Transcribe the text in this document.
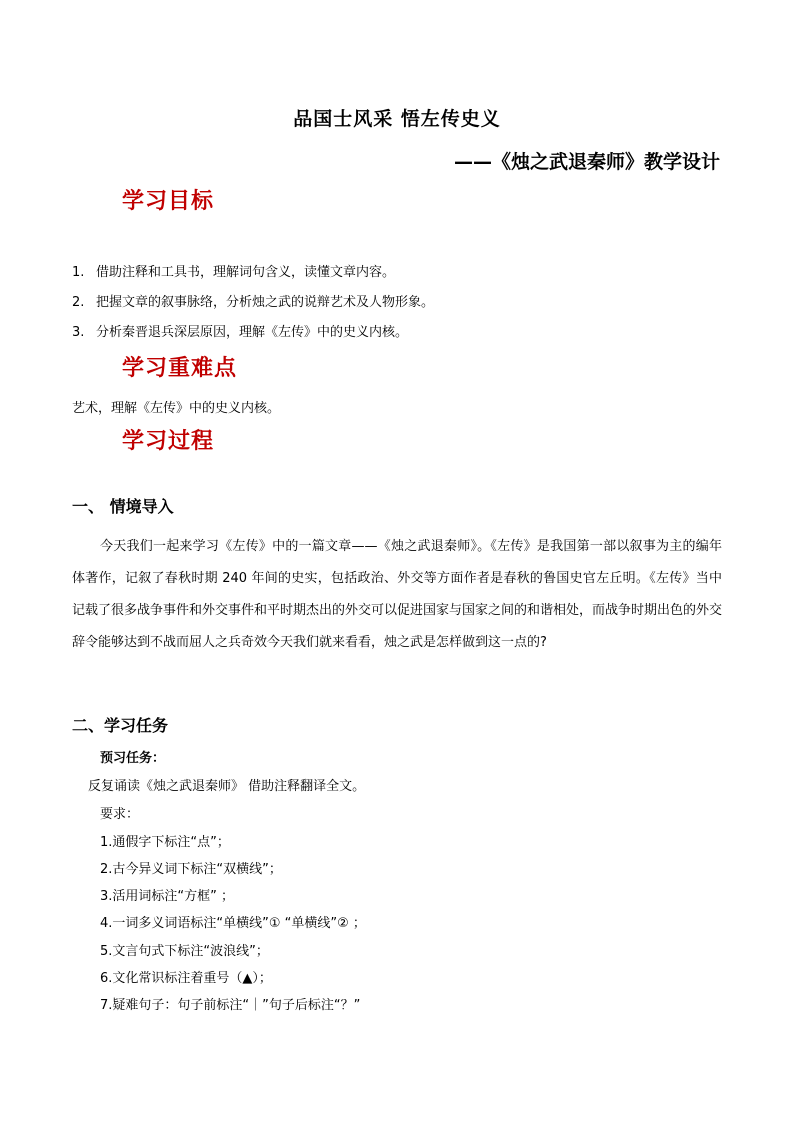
品国士风采 悟左传史义
——《烛之武退秦师》教学设计
学习目标
1. 借助注释和工具书，理解词句含义，读懂文章内容。
2. 把握文章的叙事脉络，分析烛之武的说辩艺术及人物形象。
3. 分析秦晋退兵深层原因，理解《左传》中的史义内核。
学习重难点
艺术，理解《左传》中的史义内核。
学习过程
一、 情境导入
今天我们一起来学习《左传》中的一篇文章——《烛之武退秦师》。《左传》是我国第一部以叙事为主的编年体著作，记叙了春秋时期 240 年间的史实，包括政治、外交等方面作者是春秋的鲁国史官左丘明。《左传》当中记载了很多战争事件和外交事件和平时期杰出的外交可以促进国家与国家之间的和谐相处，而战争时期出色的外交辞令能够达到不战而屈人之兵奇效今天我们就来看看，烛之武是怎样做到这一点的?
二、学习任务
预习任务：
反复诵读《烛之武退秦师》 借助注释翻译全文。
要求：
1.通假字下标注“点”；
2.古今异义词下标注“双横线”；
3.活用词标注“方框” ；
4.一词多义词语标注“单横线”① “单横线”② ；
5.文言句式下标注“波浪线”；
6.文化常识标注着重号（▲）；
7.疑难句子：句子前标注“｜”句子后标注“？”
